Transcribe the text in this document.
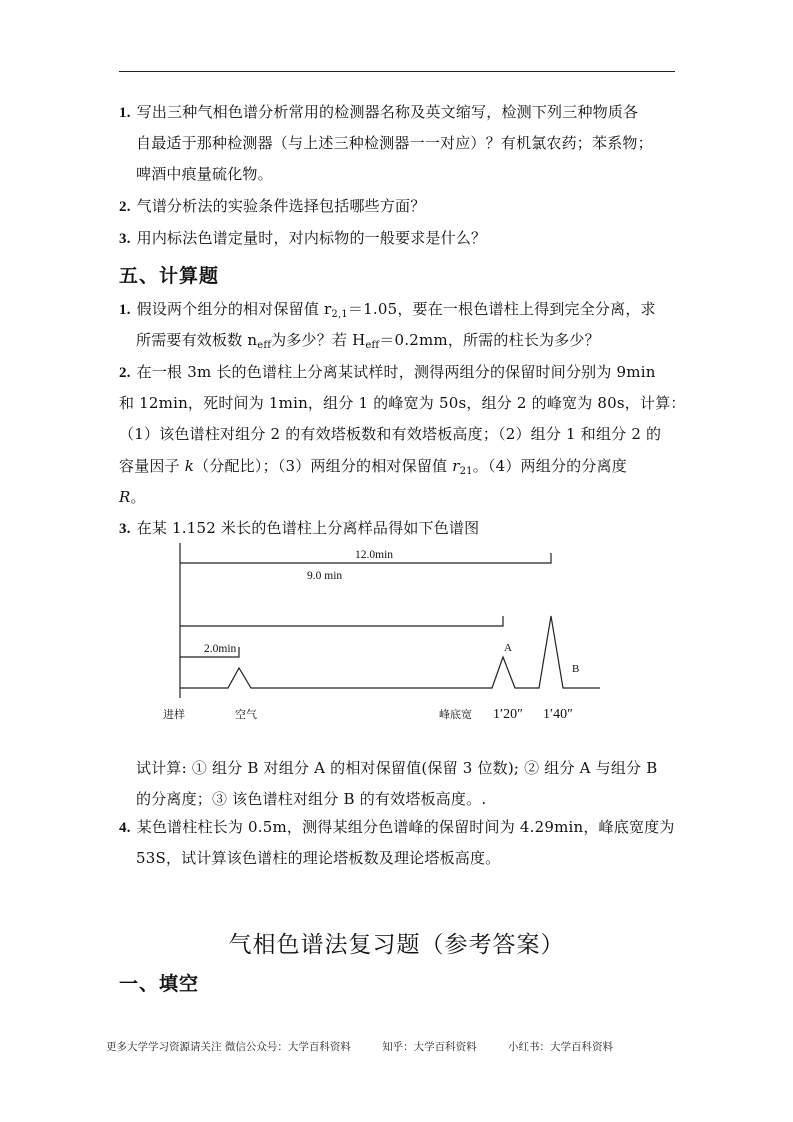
1. 写出三种气相色谱分析常用的检测器名称及英文缩写，检测下列三种物质各
自最适于那种检测器（与上述三种检测器一一对应）？有机氯农药；苯系物；
啤酒中痕量硫化物。
2. 气谱分析法的实验条件选择包括哪些方面？
3. 用内标法色谱定量时，对内标物的一般要求是什么？
五、计算题
1. 假设两个组分的相对保留值 $r_{2,1}=1.05$，要在一根色谱柱上得到完全分离，求
所需要有效板数 $n_{eff}$为多少？若 $H_{eff}=0.2mm$，所需的柱长为多少？
2. 在一根 3m 长的色谱柱上分离某试样时，测得两组分的保留时间分别为 9min
和 12min，死时间为 1min，组分 1 的峰宽为 50s，组分 2 的峰宽为 80s，计算：
（1）该色谱柱对组分 2 的有效塔板数和有效塔板高度；（2）组分 1 和组分 2 的
容量因子 k（分配比）；（3）两组分的相对保留值 $r_{21}$。（4）两组分的分离度
R。
3. 在某 1.152 米长的色谱柱上分离样品得如下色谱图
12.0min
9.0 min
2.0min	A
B
进样	空气	峰底宽 1′20″ 1′40″
试计算: ① 组分 B 对组分 A 的相对保留值(保留 3 位数); ② 组分 A 与组分 B
的分离度；③ 该色谱柱对组分 B 的有效塔板高度。.
4. 某色谱柱柱长为 0.5m，测得某组分色谱峰的保留时间为 4.29min，峰底宽度为
53S，试计算该色谱柱的理论塔板数及理论塔板高度。
气相色谱法复习题（参考答案）
一、填空
更多大学学习资源请关注 微信公众号：大学百科资料	知乎：大学百科资料	小红书：大学百科资料
